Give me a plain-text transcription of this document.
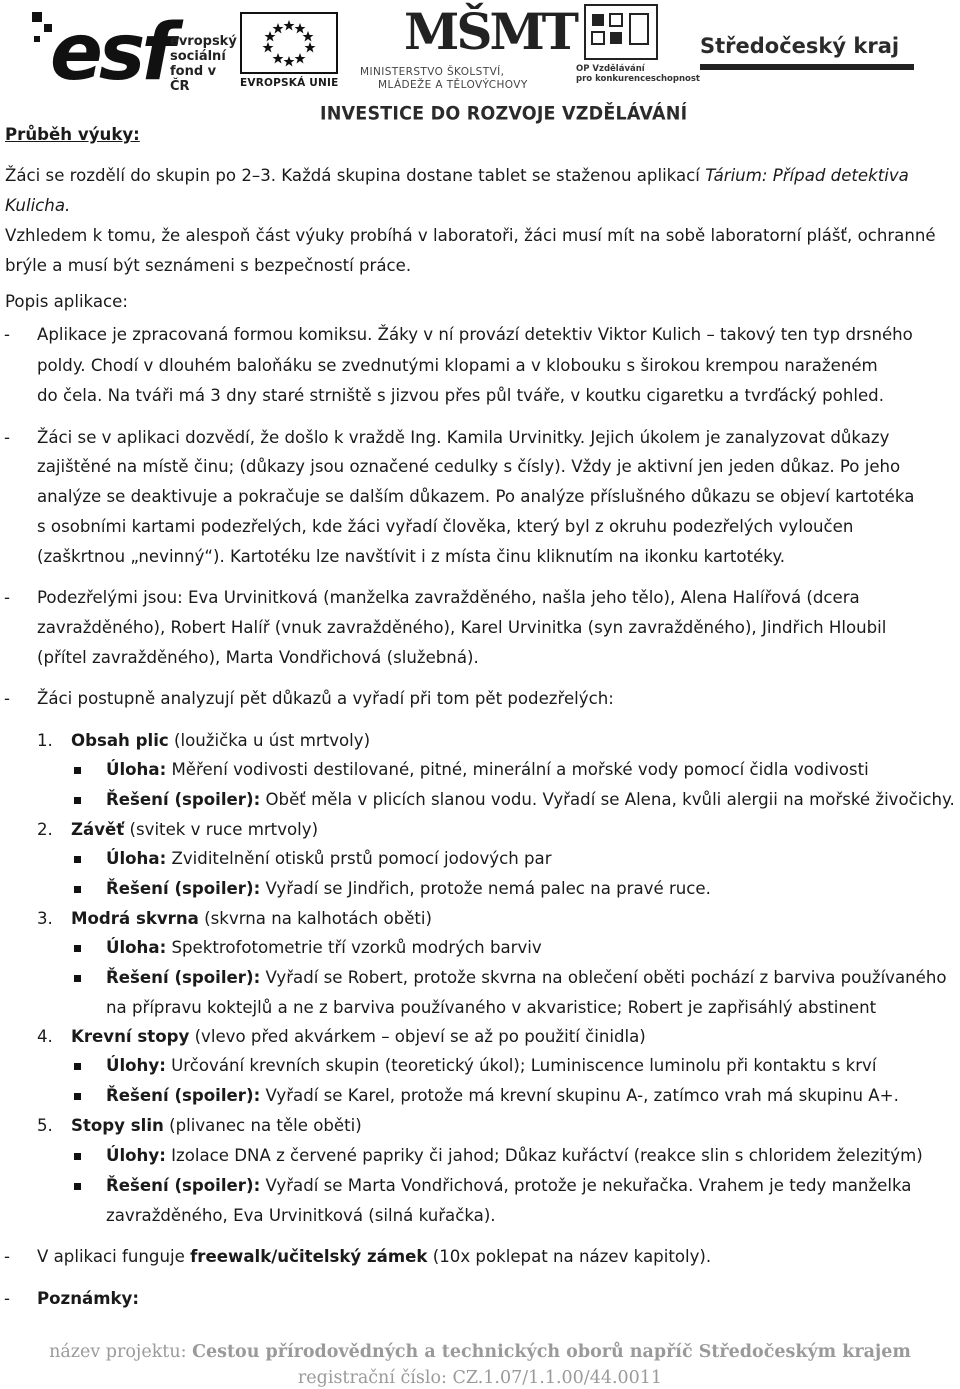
esf
evropský
sociální
fond v ČR	EVROPSKÁ UNIE
MŠMT
MINISTERSTVO ŠKOLSTVÍ,
MLÁDEŽE A TĚLOVÝCHOVY
OP Vzdělávání
pro konkurenceschopnost
Středočeský kraj
INVESTICE DO ROZVOJE VZDĚLÁVÁNÍ
Průběh výuky:
Žáci se rozdělí do skupin po 2–3. Každá skupina dostane tablet se staženou aplikací Tárium: Případ detektiva
Kulicha.
Vzhledem k tomu, že alespoň část výuky probíhá v laboratoři, žáci musí mít na sobě laboratorní plášť, ochranné
brýle a musí být seznámeni s bezpečností práce.
Popis aplikace:
- Aplikace je zpracovaná formou komiksu. Žáky v ní provází detektiv Viktor Kulich – takový ten typ drsného
poldy. Chodí v dlouhém baloňáku se zvednutými klopami a v klobouku s širokou krempou naraženém
do čela. Na tváři má 3 dny staré strniště s jizvou přes půl tváře, v koutku cigaretku a tvrďácký pohled.
- Žáci se v aplikaci dozvědí, že došlo k vraždě Ing. Kamila Urvinitky. Jejich úkolem je zanalyzovat důkazy
zajištěné na místě činu; (důkazy jsou označené cedulky s čísly). Vždy je aktivní jen jeden důkaz. Po jeho
analýze se deaktivuje a pokračuje se dalším důkazem. Po analýze příslušného důkazu se objeví kartotéka
s osobními kartami podezřelých, kde žáci vyřadí člověka, který byl z okruhu podezřelých vyloučen
(zaškrtnou „nevinný“). Kartotéku lze navštívit i z místa činu kliknutím na ikonku kartotéky.
- Podezřelými jsou: Eva Urvinitková (manželka zavražděného, našla jeho tělo), Alena Halířová (dcera
zavražděného), Robert Halíř (vnuk zavražděného), Karel Urvinitka (syn zavražděného), Jindřich Hloubil
(přítel zavražděného), Marta Vondřichová (služebná).
- Žáci postupně analyzují pět důkazů a vyřadí při tom pět podezřelých:
1. Obsah plic (loužička u úst mrtvoly)
Úloha: Měření vodivosti destilované, pitné, minerální a mořské vody pomocí čidla vodivosti
Řešení (spoiler): Oběť měla v plicích slanou vodu. Vyřadí se Alena, kvůli alergii na mořské živočichy.
2. Závěť (svitek v ruce mrtvoly)
Úloha: Zviditelnění otisků prstů pomocí jodových par
Řešení (spoiler): Vyřadí se Jindřich, protože nemá palec na pravé ruce.
3. Modrá skvrna (skvrna na kalhotách oběti)
Úloha: Spektrofotometrie tří vzorků modrých barviv
Řešení (spoiler): Vyřadí se Robert, protože skvrna na oblečení oběti pochází z barviva používaného
na přípravu koktejlů a ne z barviva používaného v akvaristice; Robert je zapřisáhlý abstinent
4. Krevní stopy (vlevo před akvárkem – objeví se až po použití činidla)
Úlohy: Určování krevních skupin (teoretický úkol); Luminiscence luminolu při kontaktu s krví
Řešení (spoiler): Vyřadí se Karel, protože má krevní skupinu A-, zatímco vrah má skupinu A+.
5. Stopy slin (plivanec na těle oběti)
Úlohy: Izolace DNA z červené papriky či jahod; Důkaz kuřáctví (reakce slin s chloridem železitým)
Řešení (spoiler): Vyřadí se Marta Vondřichová, protože je nekuřačka. Vrahem je tedy manželka
zavražděného, Eva Urvinitková (silná kuřačka).
- V aplikaci funguje freewalk/učitelský zámek (10x poklepat na název kapitoly).
- Poznámky:
název projektu: Cestou přírodovědných a technických oborů napříč Středočeským krajem
registrační číslo: CZ.1.07/1.1.00/44.0011
